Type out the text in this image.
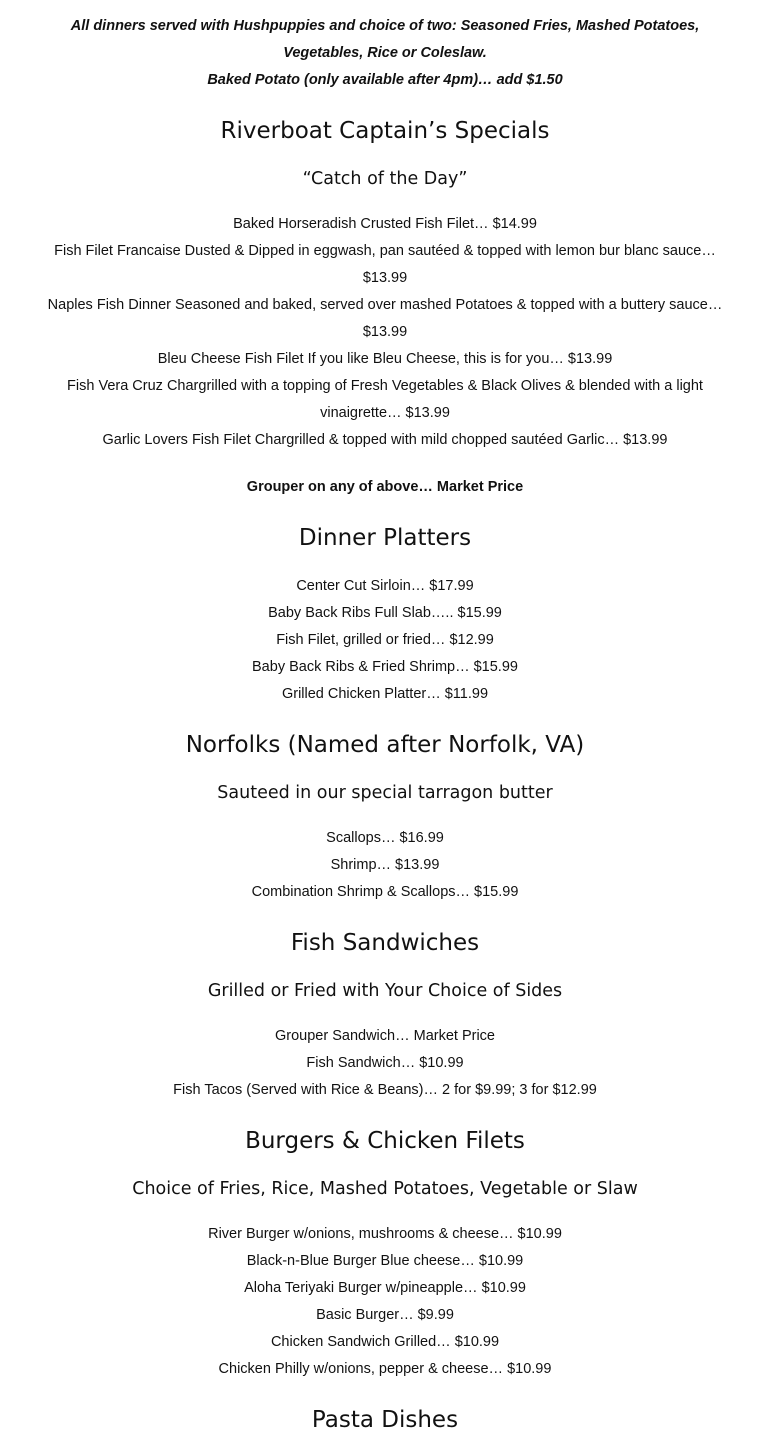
All dinners served with Hushpuppies and choice of two: Seasoned Fries, Mashed Potatoes, Vegetables, Rice or Coleslaw.

Baked Potato (only available after 4pm)… add $1.50

Riverboat Captain’s Specials
“Catch of the Day”

Baked Horseradish Crusted Fish Filet… $14.99

Fish Filet Francaise Dusted & Dipped in eggwash, pan sautéed & topped with lemon bur blanc sauce… $13.99

Naples Fish Dinner Seasoned and baked, served over mashed Potatoes & topped with a buttery sauce… $13.99

Bleu Cheese Fish Filet If you like Bleu Cheese, this is for you… $13.99

Fish Vera Cruz Chargrilled with a topping of Fresh Vegetables & Black Olives & blended with a light vinaigrette… $13.99

Garlic Lovers Fish Filet Chargrilled & topped with mild chopped sautéed Garlic… $13.99

Grouper on any of above… Market Price

Dinner Platters

Center Cut Sirloin… $17.99

Baby Back Ribs Full Slab….. $15.99

Fish Filet, grilled or fried… $12.99

Baby Back Ribs & Fried Shrimp… $15.99

Grilled Chicken Platter… $11.99

Norfolks (Named after Norfolk, VA)
Sauteed in our special tarragon butter

Scallops… $16.99

Shrimp… $13.99

Combination Shrimp & Scallops… $15.99

Fish Sandwiches
Grilled or Fried with Your Choice of Sides

Grouper Sandwich… Market Price

Fish Sandwich… $10.99

Fish Tacos (Served with Rice & Beans)… 2 for $9.99; 3 for $12.99

Burgers & Chicken Filets
Choice of Fries, Rice, Mashed Potatoes, Vegetable or Slaw

River Burger w/onions, mushrooms & cheese… $10.99

Black-n-Blue Burger Blue cheese… $10.99

Aloha Teriyaki Burger w/pineapple… $10.99

Basic Burger… $9.99

Chicken Sandwich Grilled… $10.99

Chicken Philly w/onions, pepper & cheese… $10.99

Pasta Dishes
